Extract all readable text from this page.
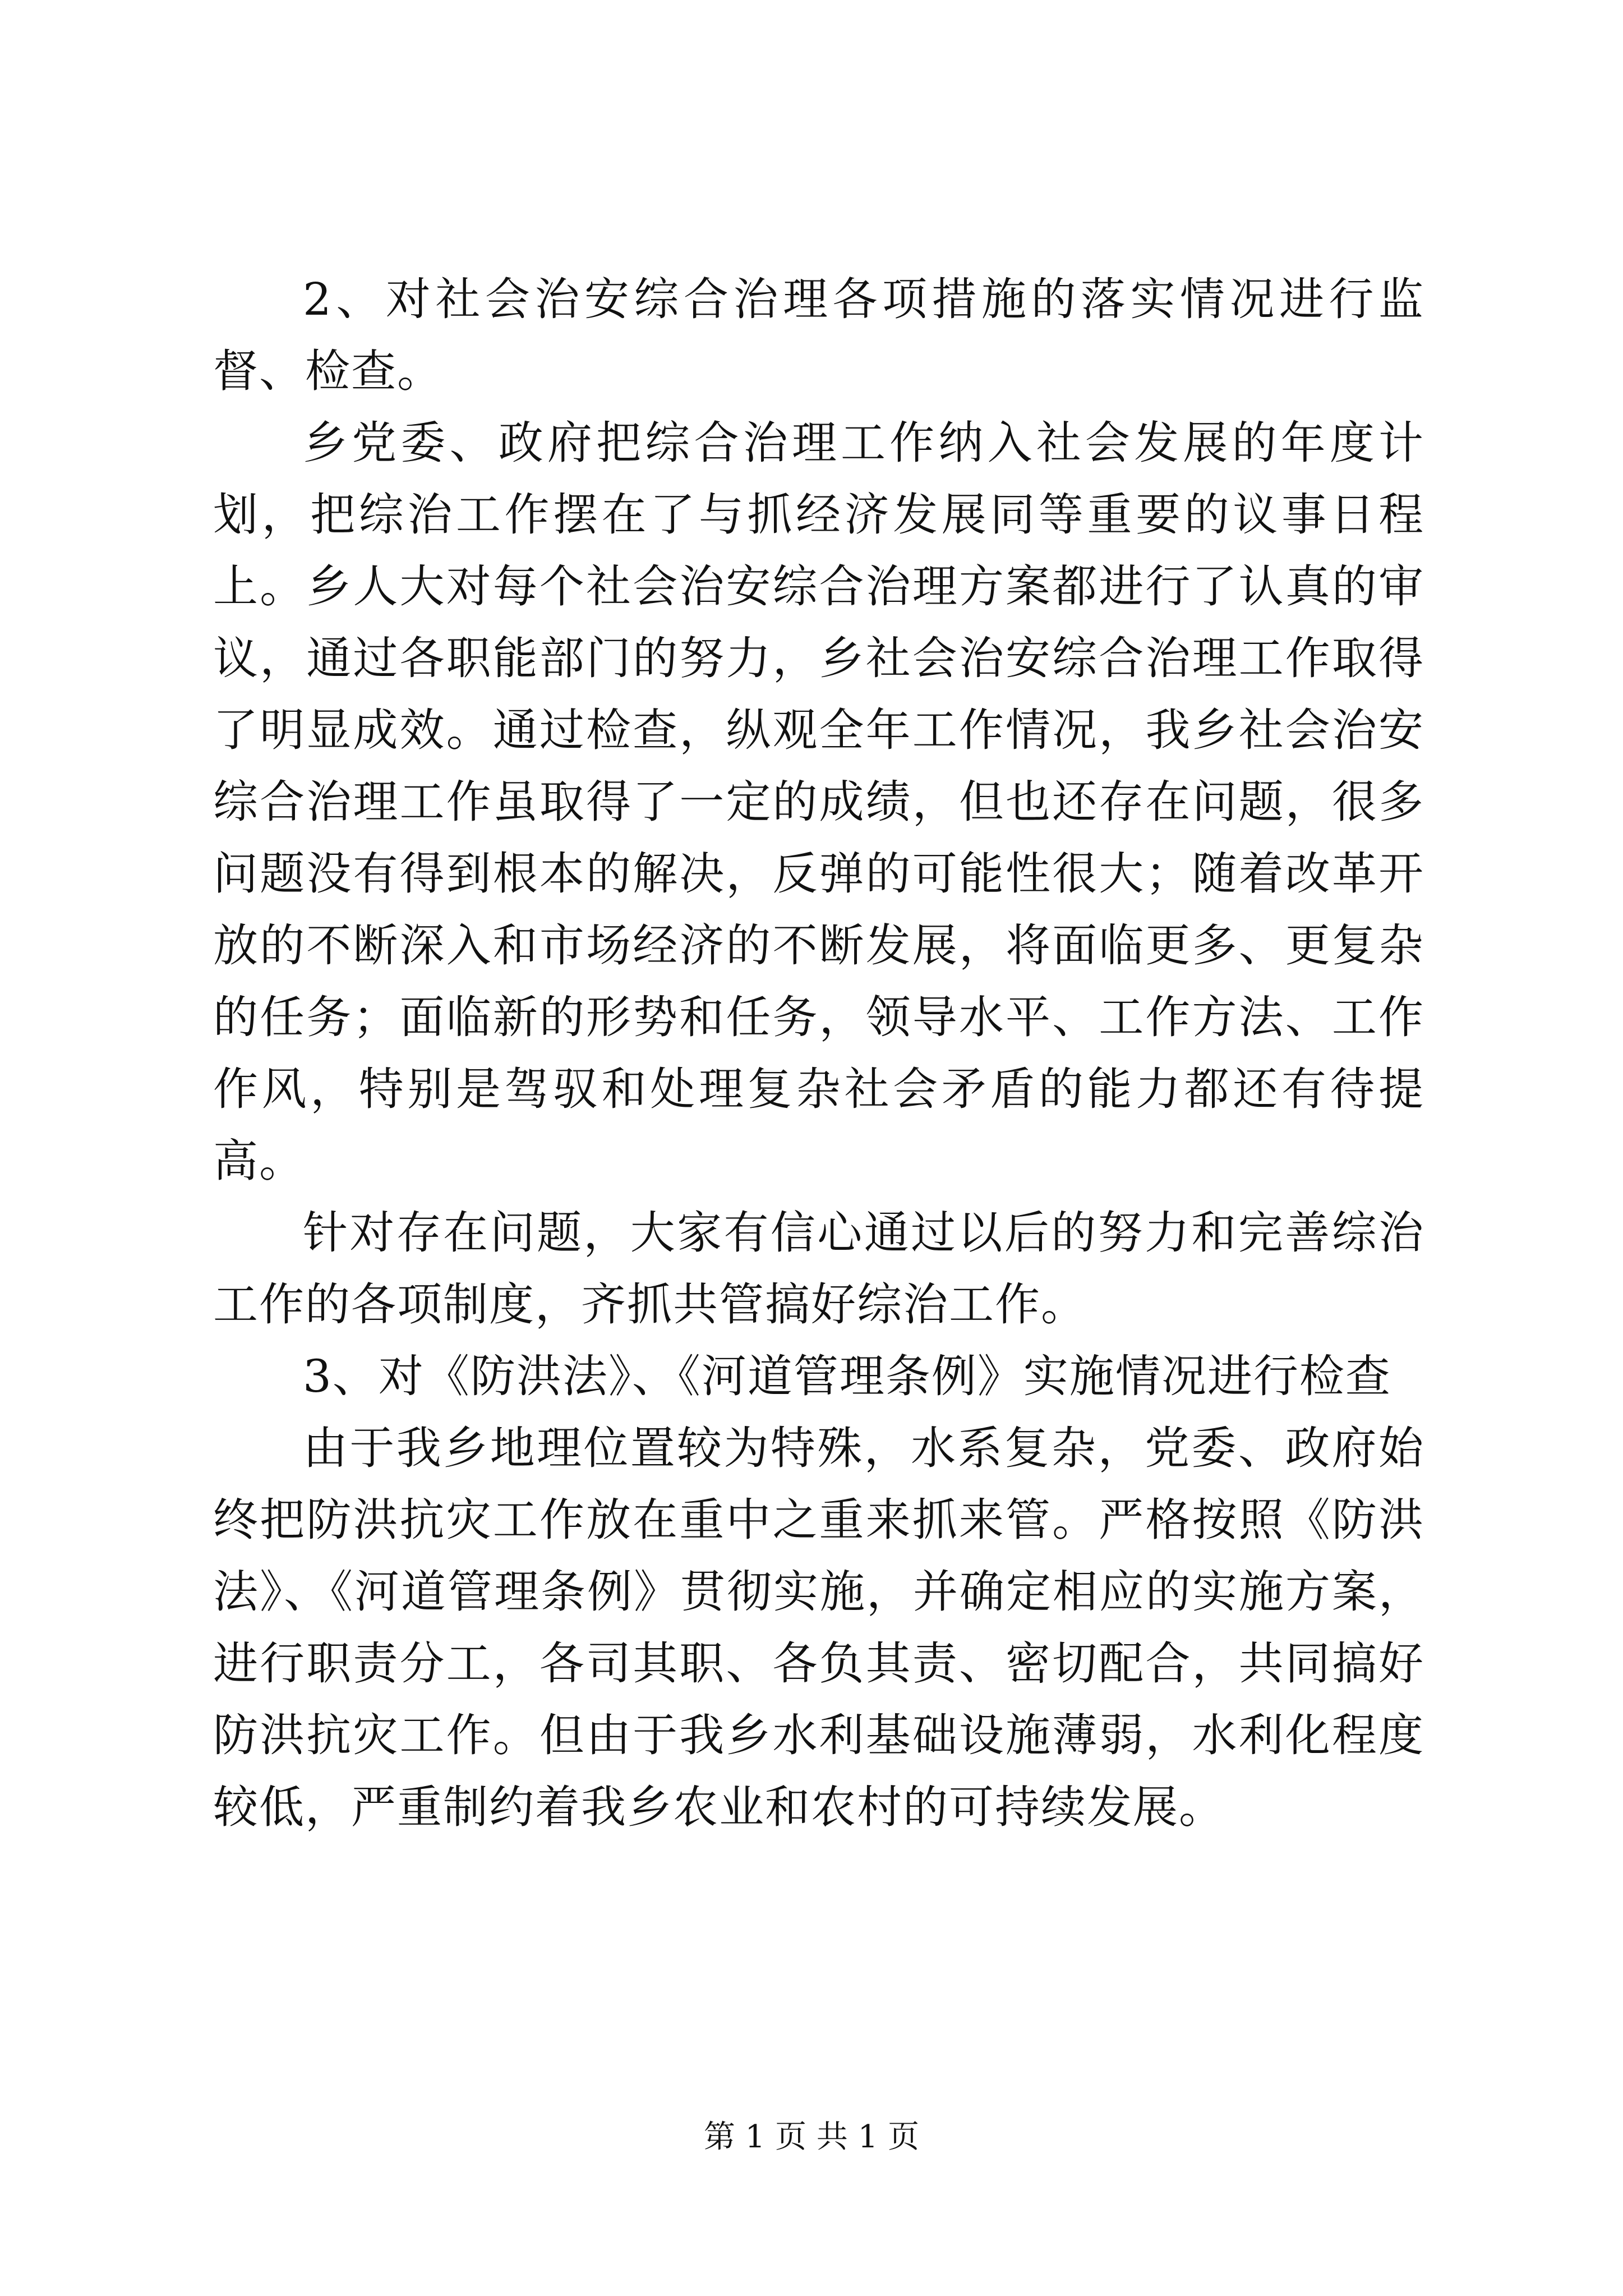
2、对社会治安综合治理各项措施的落实情况进行监督、检查。

乡党委、政府把综合治理工作纳入社会发展的年度计划，把综治工作摆在了与抓经济发展同等重要的议事日程上。乡人大对每个社会治安综合治理方案都进行了认真的审议，通过各职能部门的努力，乡社会治安综合治理工作取得了明显成效。通过检查，纵观全年工作情况，我乡社会治安综合治理工作虽取得了一定的成绩，但也还存在问题，很多问题没有得到根本的解决，反弹的可能性很大；随着改革开放的不断深入和市场经济的不断发展，将面临更多、更复杂的任务；面临新的形势和任务，领导水平、工作方法、工作作风，特别是驾驭和处理复杂社会矛盾的能力都还有待提高。

针对存在问题，大家有信心通过以后的努力和完善综治工作的各项制度，齐抓共管搞好综治工作。

3、对《防洪法》、《河道管理条例》实施情况进行检查

由于我乡地理位置较为特殊，水系复杂，党委、政府始终把防洪抗灾工作放在重中之重来抓来管。严格按照《防洪法》、《河道管理条例》贯彻实施，并确定相应的实施方案，进行职责分工，各司其职、各负其责、密切配合，共同搞好防洪抗灾工作。但由于我乡水利基础设施薄弱，水利化程度较低，严重制约着我乡农业和农村的可持续发展。

第 1 页 共 1 页
